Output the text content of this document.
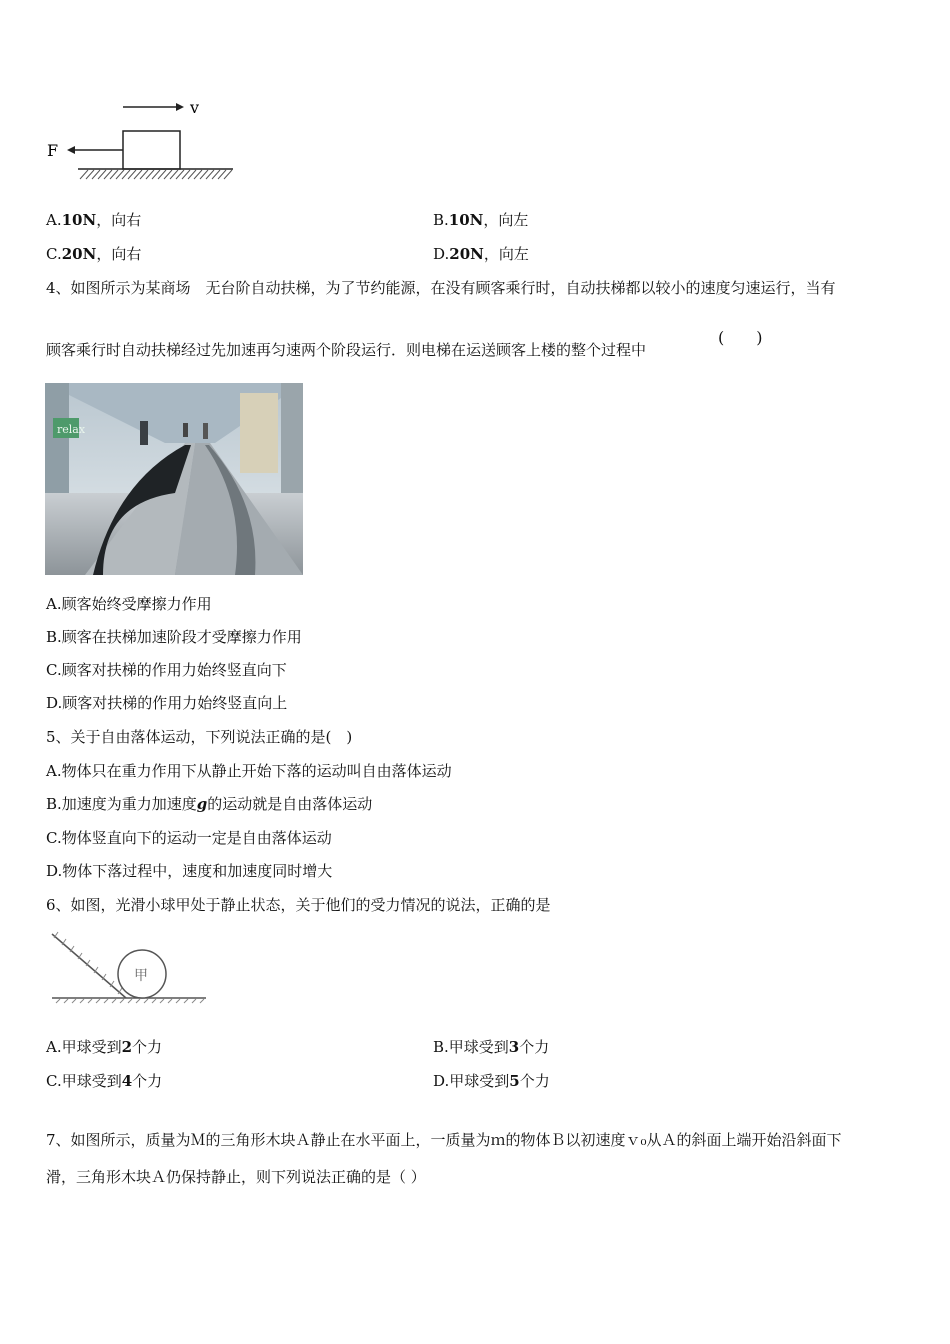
v
F
A.10N，向右	B.10N，向左
C.20N，向右	D.20N，向左
4、如图所示为某商场　无台阶自动扶梯，为了节约能源，在没有顾客乘行时，自动扶梯都以较小的速度匀速运行，当有
顾客乘行时自动扶梯经过先加速再匀速两个阶段运行．则电梯在运送顾客上楼的整个过程中
(　　)
relax
A.顾客始终受摩擦力作用
B.顾客在扶梯加速阶段才受摩擦力作用
C.顾客对扶梯的作用力始终竖直向下
D.顾客对扶梯的作用力始终竖直向上
5、关于自由落体运动，下列说法正确的是(　)
A.物体只在重力作用下从静止开始下落的运动叫自由落体运动
B.加速度为重力加速度g的运动就是自由落体运动
C.物体竖直向下的运动一定是自由落体运动
D.物体下落过程中，速度和加速度同时增大
6、如图，光滑小球甲处于静止状态，关于他们的受力情况的说法，正确的是
甲
A.甲球受到2个力	B.甲球受到3个力
C.甲球受到4个力	D.甲球受到5个力
7、如图所示，质量为Ｍ的三角形木块Ａ静止在水平面上，一质量为ｍ的物体Ｂ以初速度ｖ₀从Ａ的斜面上端开始沿斜面下
滑，三角形木块Ａ仍保持静止，则下列说法正确的是（ ）
